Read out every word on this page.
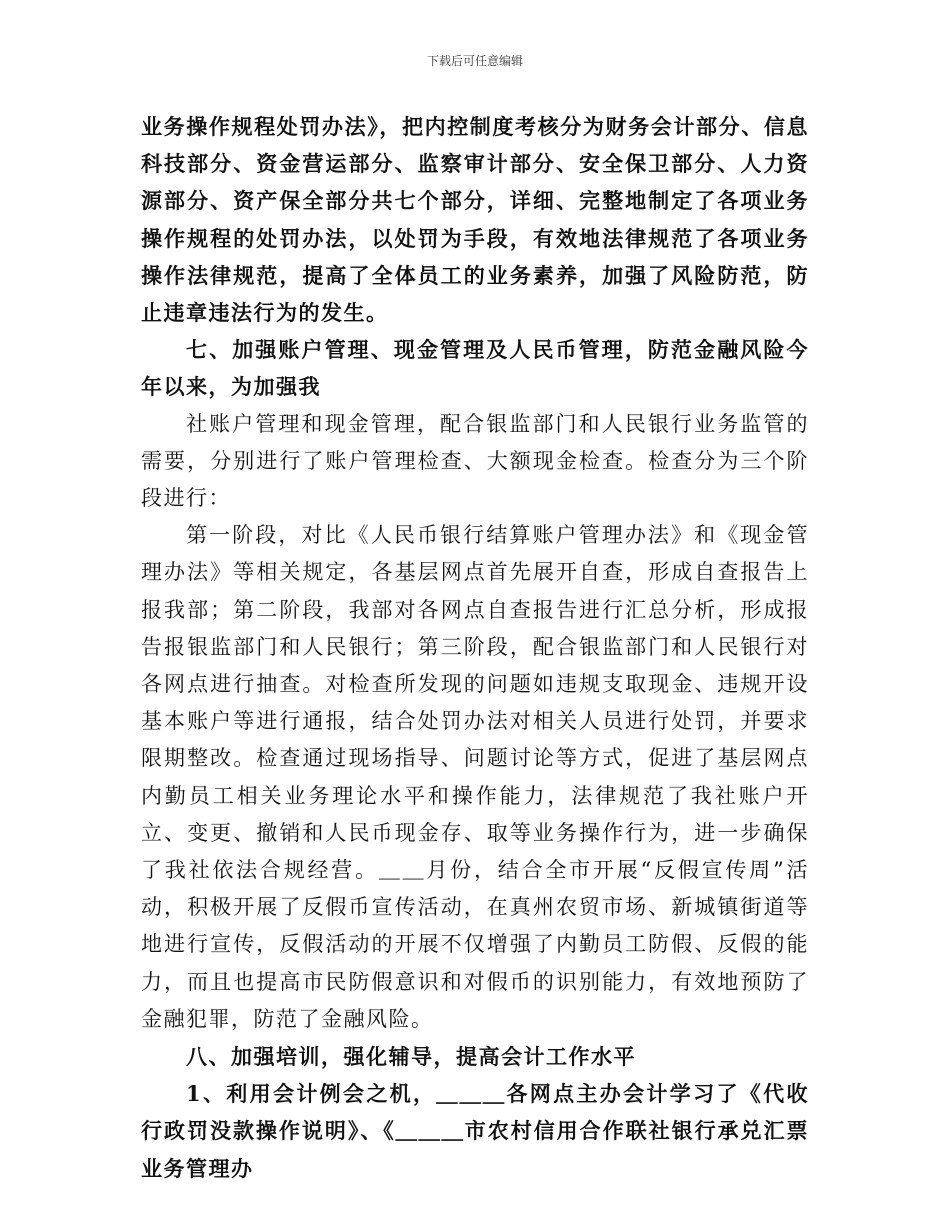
下载后可任意编辑

业务操作规程处罚办法》，把内控制度考核分为财务会计部分、信息科技部分、资金营运部分、监察审计部分、安全保卫部分、人力资源部分、资产保全部分共七个部分，详细、完整地制定了各项业务操作规程的处罚办法，以处罚为手段，有效地法律规范了各项业务操作法律规范，提高了全体员工的业务素养，加强了风险防范，防止违章违法行为的发生。

七、加强账户管理、现金管理及人民币管理，防范金融风险今年以来，为加强我

社账户管理和现金管理，配合银监部门和人民银行业务监管的需要，分别进行了账户管理检查、大额现金检查。检查分为三个阶段进行：

第一阶段，对比《人民币银行结算账户管理办法》和《现金管理办法》等相关规定，各基层网点首先展开自查，形成自查报告上报我部；第二阶段，我部对各网点自查报告进行汇总分析，形成报告报银监部门和人民银行；第三阶段，配合银监部门和人民银行对各网点进行抽查。对检查所发现的问题如违规支取现金、违规开设基本账户等进行通报，结合处罚办法对相关人员进行处罚，并要求限期整改。检查通过现场指导、问题讨论等方式，促进了基层网点内勤员工相关业务理论水平和操作能力，法律规范了我社账户开立、变更、撤销和人民币现金存、取等业务操作行为，进一步确保了我社依法合规经营。＿＿月份，结合全市开展“反假宣传周”活动，积极开展了反假币宣传活动，在真州农贸市场、新城镇街道等地进行宣传，反假活动的开展不仅增强了内勤员工防假、反假的能力，而且也提高市民防假意识和对假币的识别能力，有效地预防了金融犯罪，防范了金融风险。

八、加强培训，强化辅导，提高会计工作水平

1、利用会计例会之机，＿＿＿各网点主办会计学习了《代收行政罚没款操作说明》、《＿＿＿市农村信用合作联社银行承兑汇票业务管理办
